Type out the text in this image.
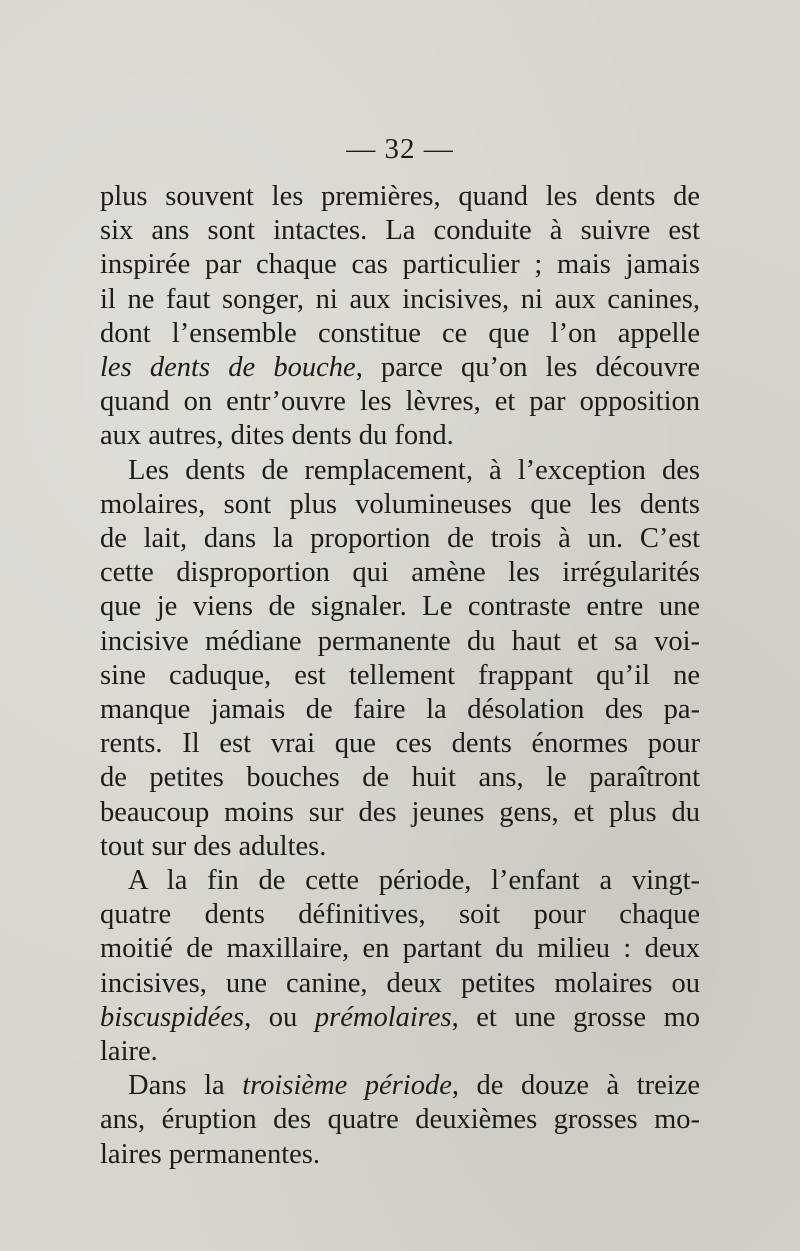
— 32 —
plus souvent les premières, quand les dents de
six ans sont intactes. La conduite à suivre est
inspirée par chaque cas particulier ; mais jamais
il ne faut songer, ni aux incisives, ni aux canines,
dont l’ensemble constitue ce que l’on appelle
les dents de bouche, parce qu’on les découvre
quand on entr’ouvre les lèvres, et par opposition
aux autres, dites dents du fond.
Les dents de remplacement, à l’exception des
molaires, sont plus volumineuses que les dents
de lait, dans la proportion de trois à un. C’est
cette disproportion qui amène les irrégularités
que je viens de signaler. Le contraste entre une
incisive médiane permanente du haut et sa voi-
sine caduque, est tellement frappant qu’il ne
manque jamais de faire la désolation des pa-
rents. Il est vrai que ces dents énormes pour
de petites bouches de huit ans, le paraîtront
beaucoup moins sur des jeunes gens, et plus du
tout sur des adultes.
A la fin de cette période, l’enfant a vingt-
quatre dents définitives, soit pour chaque
moitié de maxillaire, en partant du milieu : deux
incisives, une canine, deux petites molaires ou
biscuspidées, ou prémolaires, et une grosse mo
laire.
Dans la troisième période, de douze à treize
ans, éruption des quatre deuxièmes grosses mo-
laires permanentes.
